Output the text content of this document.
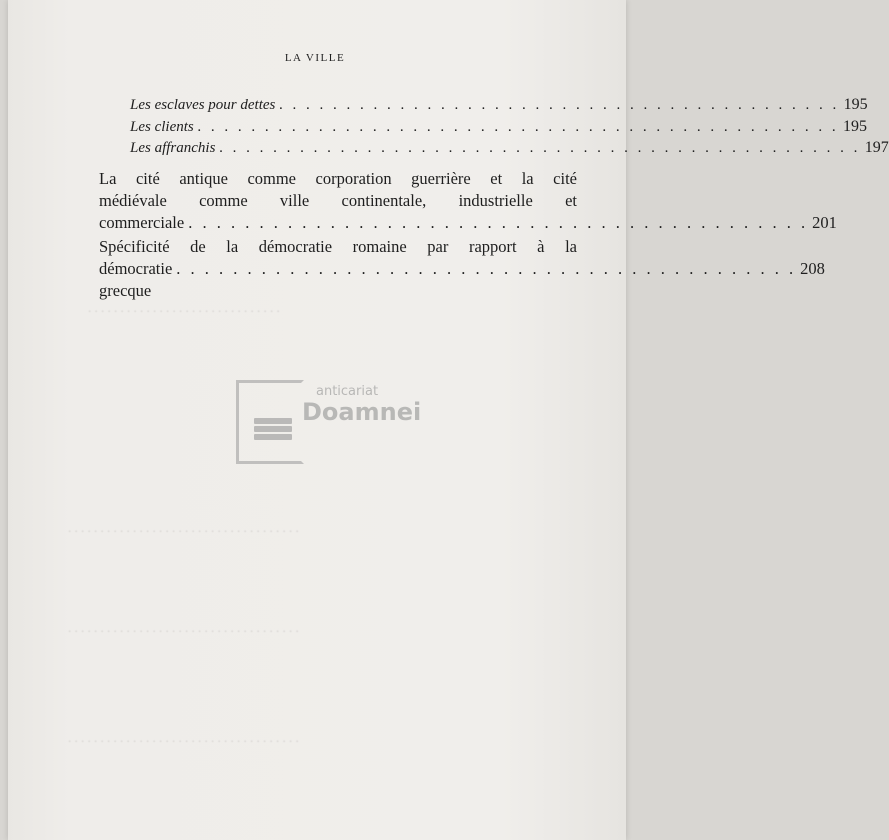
. . . . . . . . . . . . . . . . . . . . . . . . . . . . . .
. . . . . . . . . . . . . . . . . . . . . . . . . . . . . . . . . . . .
. . . . . . . . . . . . . . . . . . . . . . . . . . . . . . . . . . . .
. . . . . . . . . . . . . . . . . . . . . . . . . . . . . . . . . . . .
LA VILLE
Les esclaves pour dettes . . . . . . . . . . . . . . . . . . . . . . . . . . . . . . . . . . . . . . . . . . 195
Les clients . . . . . . . . . . . . . . . . . . . . . . . . . . . . . . . . . . . . . . . . . . . . . . . . 195
Les affranchis . . . . . . . . . . . . . . . . . . . . . . . . . . . . . . . . . . . . . . . . . . . . . . . . 197
La cité antique comme corporation guerrière et la cité
médiévale comme ville continentale, industrielle et
commerciale . . . . . . . . . . . . . . . . . . . . . . . . . . . . . . . . . . . . . . . . . . . . 201
Spécificité de la démocratie romaine par rapport à la
démocratie grecque
. . . . . . . . . . . . . . . . . . . . . . . . . . . . . . . . . . . . . . . . . . . . 208
anticariat
Doamnei
